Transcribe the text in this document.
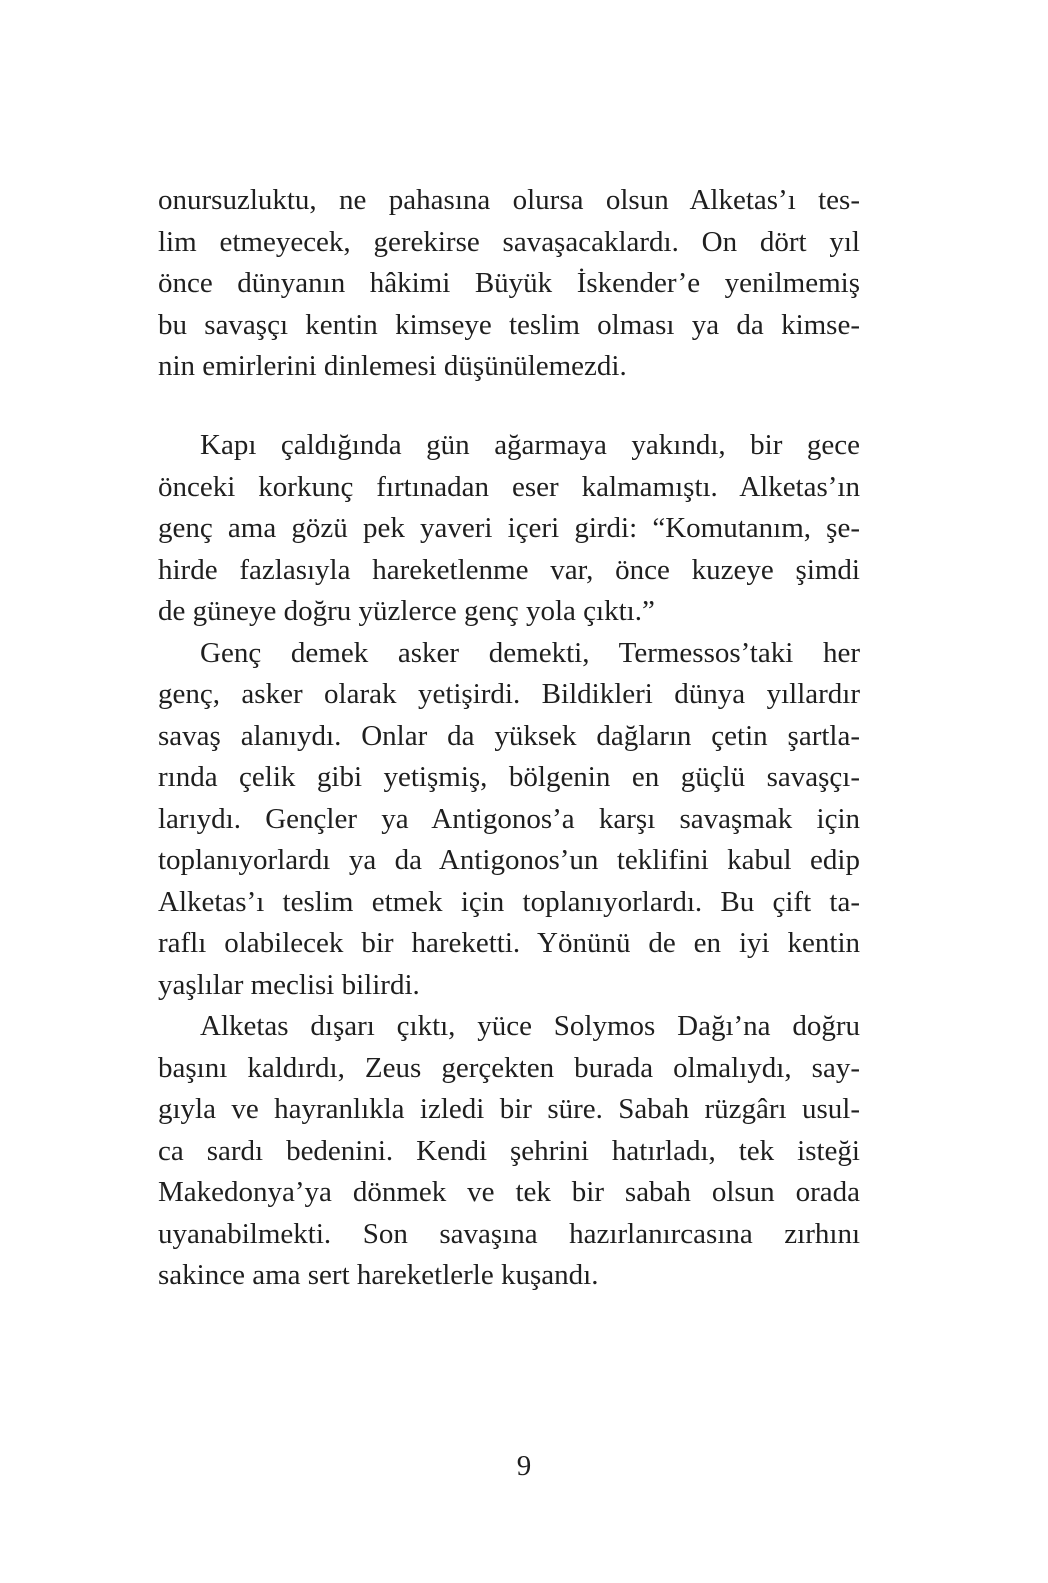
onursuzluktu, ne pahasına olursa olsun Alketas’ı tes-
lim etmeyecek, gerekirse savaşacaklardı. On dört yıl
önce dünyanın hâkimi Büyük İskender’e yenilmemiş
bu savaşçı kentin kimseye teslim olması ya da kimse-
nin emirlerini dinlemesi düşünülemezdi.
Kapı çaldığında gün ağarmaya yakındı, bir gece
önceki korkunç fırtınadan eser kalmamıştı. Alketas’ın
genç ama gözü pek yaveri içeri girdi: “Komutanım, şe-
hirde fazlasıyla hareketlenme var, önce kuzeye şimdi
de güneye doğru yüzlerce genç yola çıktı.”
Genç demek asker demekti, Termessos’taki her
genç, asker olarak yetişirdi. Bildikleri dünya yıllardır
savaş alanıydı. Onlar da yüksek dağların çetin şartla-
rında çelik gibi yetişmiş, bölgenin en güçlü savaşçı-
larıydı. Gençler ya Antigonos’a karşı savaşmak için
toplanıyorlardı ya da Antigonos’un teklifini kabul edip
Alketas’ı teslim etmek için toplanıyorlardı. Bu çift ta-
raflı olabilecek bir hareketti. Yönünü de en iyi kentin
yaşlılar meclisi bilirdi.
Alketas dışarı çıktı, yüce Solymos Dağı’na doğru
başını kaldırdı, Zeus gerçekten burada olmalıydı, say-
gıyla ve hayranlıkla izledi bir süre. Sabah rüzgârı usul-
ca sardı bedenini. Kendi şehrini hatırladı, tek isteği
Makedonya’ya dönmek ve tek bir sabah olsun orada
uyanabilmekti. Son savaşına hazırlanırcasına zırhını
sakince ama sert hareketlerle kuşandı.
9
